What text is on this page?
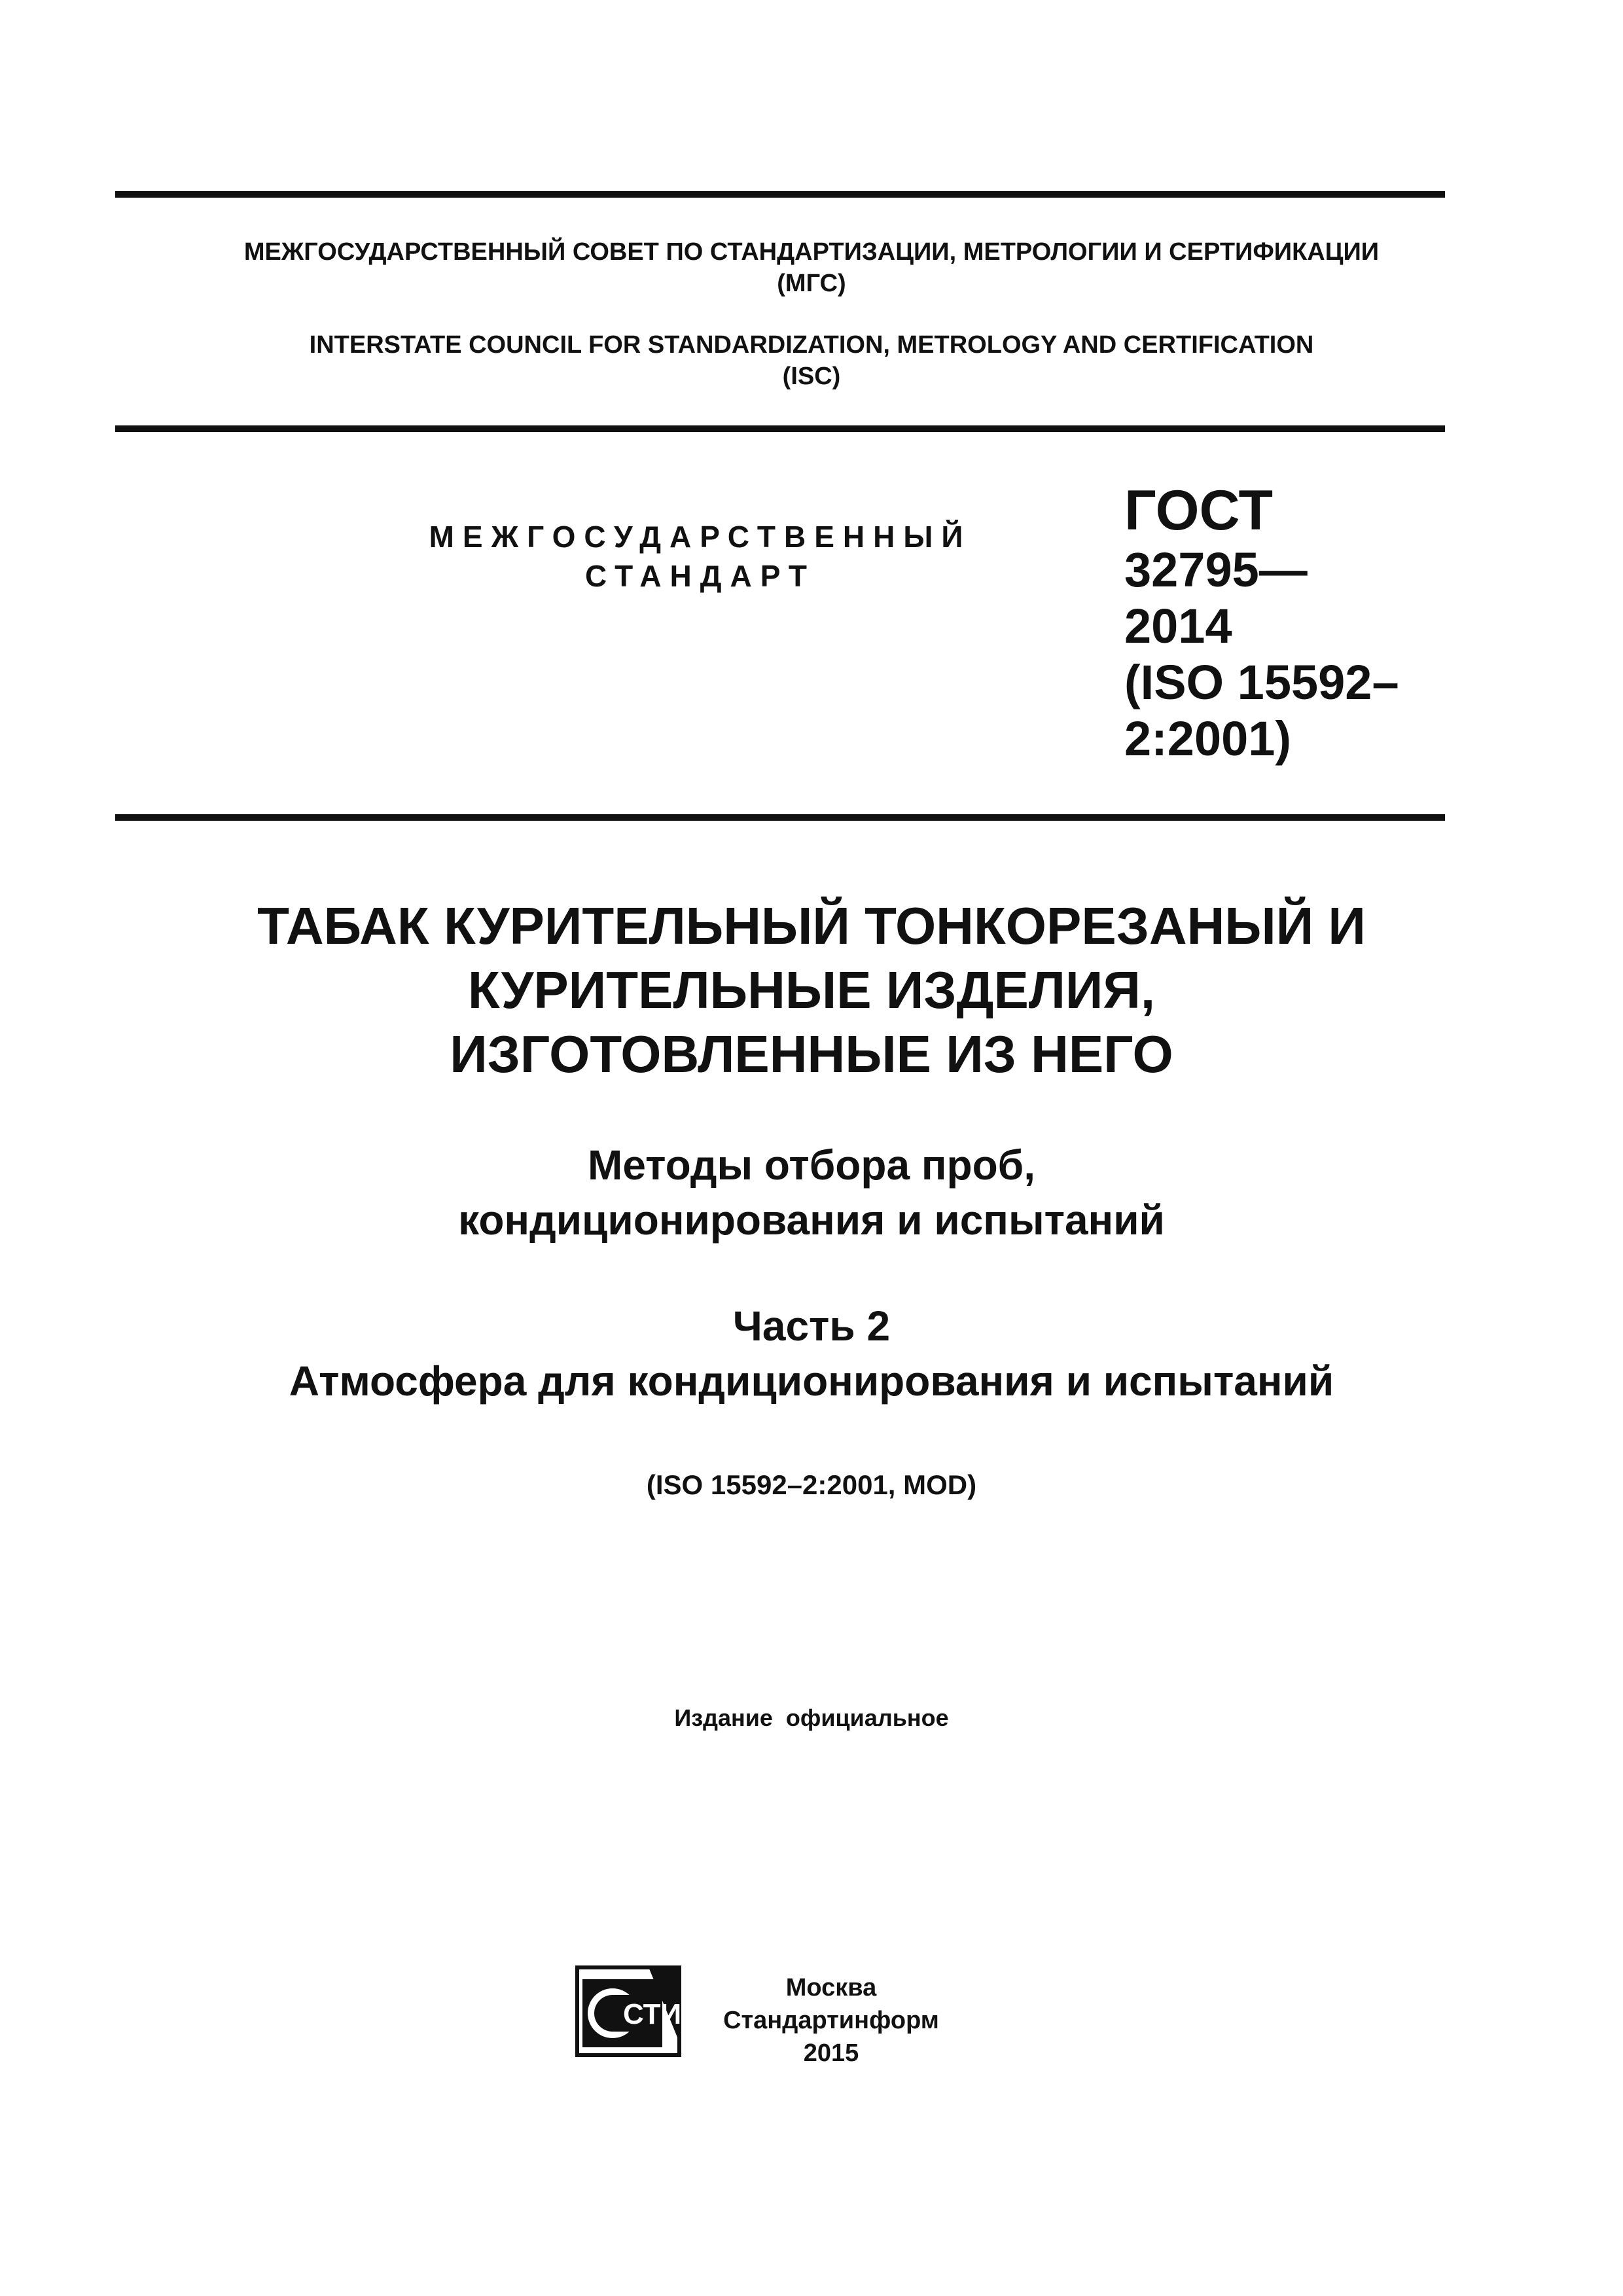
МЕЖГОСУДАРСТВЕННЫЙ СОВЕТ ПО СТАНДАРТИЗАЦИИ, МЕТРОЛОГИИ И СЕРТИФИКАЦИИ
(МГС)
INTERSTATE COUNCIL FOR STANDARDIZATION, METROLOGY AND CERTIFICATION
(ISC)
МЕЖГОСУДАРСТВЕННЫЙ
СТАНДАРТ
ГОСТ
32795—
2014
(ISO 15592–
2:2001)
ТАБАК КУРИТЕЛЬНЫЙ ТОНКОРЕЗАНЫЙ И
КУРИТЕЛЬНЫЕ ИЗДЕЛИЯ,
ИЗГОТОВЛЕННЫЕ ИЗ НЕГО
Методы отбора проб,
кондиционирования и испытаний
Часть 2
Атмосфера для кондиционирования и испытаний
(ISO 15592–2:2001, MOD)
Издание  официальное
СТИ
Москва
Стандартинформ
2015
